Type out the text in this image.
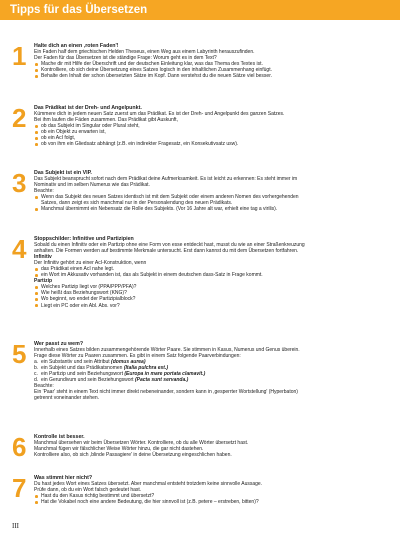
Tipps für das Übersetzen
1	Halte dich an einen ‚roten Faden'!

Ein Faden half dem griechischen Helden Theseus, einen Weg aus einem Labyrinth herauszufinden.

Der Faden für das Übersetzen ist die ständige Frage: Worum geht es in dem Text?

Mache dir mit Hilfe der Überschrift und der deutschen Einleitung klar, was das Thema des Textes ist.

Kontrolliere, ob sich deine Übersetzung eines Satzes logisch in den inhaltlichen Zusammenhang einfügt.

Behalte den Inhalt der schon übersetzten Sätze im Kopf. Dann verstehst du die neuen Sätze viel besser.

2	Das Prädikat ist der Dreh- und Angelpunkt.

Kümmere dich in jedem neuen Satz zuerst um das Prädikat. Es ist der Dreh- und Angelpunkt des ganzen Satzes.

Bei ihm laufen die Fäden zusammen. Das Prädikat gibt Auskunft,

ob das Subjekt im Singular oder Plural steht,

ob ein Objekt zu erwarten ist,

ob ein AcI folgt,

ob von ihm ein Gliedsatz abhängt (z.B. ein indirekter Fragesatz, ein Konsekutivsatz usw).

3	Das Subjekt ist ein VIP.

Das Subjekt beansprucht sofort nach dem Prädikat deine Aufmerksamkeit. Es ist leicht zu erkennen: Es steht immer im

Nominativ und im selben Numerus wie das Prädikat.

Beachte:

Wenn das Subjekt des neuen Satzes identisch ist mit dem Subjekt oder einem anderen Nomen des vorhergehenden

Satzes, dann zeigt es sich manchmal nur in der Personalendung des neuen Prädikats.

Manchmal übernimmt ein Nebensatz die Rolle des Subjekts. (Vor 16 Jahre alt war, erhielt eine tag a virilis).

4	Stoppschilder: Infinitive und Partizipien

Sobald du einen Infinitiv oder ein Partizip ohne eine Form von esse entdeckt hast, musst du wie an einer Straßenkreuzung

anhalten. Die Formen werden auf bestimmte Merkmale untersucht. Erst dann kannst du mit dem Übersetzen fortfahren.

Infinitiv

Der Infinitiv gehört zu einer AcI-Konstruktion, wenn

das Prädikat einen AcI nahe legt.

ein Wort im Akkusativ vorhanden ist, das als Subjekt in einem deutschen dass-Satz in Frage kommt.

Partizip

Welches Partizip liegt vor (PPA/PPP/PFA)?

Wie heißt das Beziehungswort (KNG)?

Wo beginnt, wo endet der Partizipialblock?

Liegt ein PC oder ein Abl. Abs. vor?

5	Wer passt zu wem?

Innerhalb eines Satzes bilden zusammengehörende Wörter Paare. Sie stimmen in Kasus, Numerus und Genus überein.

Frage diese Wörter zu Paaren zusammen. Es gibt in einem Satz folgende Paarverbindungen:

a. ein Substantiv und sein Attribut (domus aurea)

b. ein Subjekt und das Prädikatsnomen (Italia pulchra est.)

c. ein Partizip und sein Beziehungswort (Europa in mare portata clamavit.)

d. ein Gerundivum und sein Beziehungswort (Pacta sunt servanda.)

Beachte:

Ein 'Paar' steht in einem Text nicht immer direkt nebeneinander, sondern kann in ,gesperrter Wortstellung' (Hyperbaton)

getrennt voneinander stehen.

6	Kontrolle ist besser.

Manchmal übersehen wir beim Übersetzen Wörter. Kontrolliere, ob du alle Wörter übersetzt hast.

Manchmal fügen wir fälschlicher Weise Wörter hinzu, die gar nicht dastehen.

Kontrolliere also, ob sich ,blinde Passagiere' in deine Übersetzung eingeschlichen haben.

7	Was stimmt hier nicht?

Du hast jedes Wort eines Satzes übersetzt. Aber manchmal entsteht trotzdem keine sinnvolle Aussage.

Prüfe dann, ob du ein Wort falsch gedeutet hast.

Hast du den Kasus richtig bestimmt und übersetzt?

Hat die Vokabel noch eine andere Bedeutung, die hier sinnvoll ist (z.B. petere – erstreben, bitten)?

III
